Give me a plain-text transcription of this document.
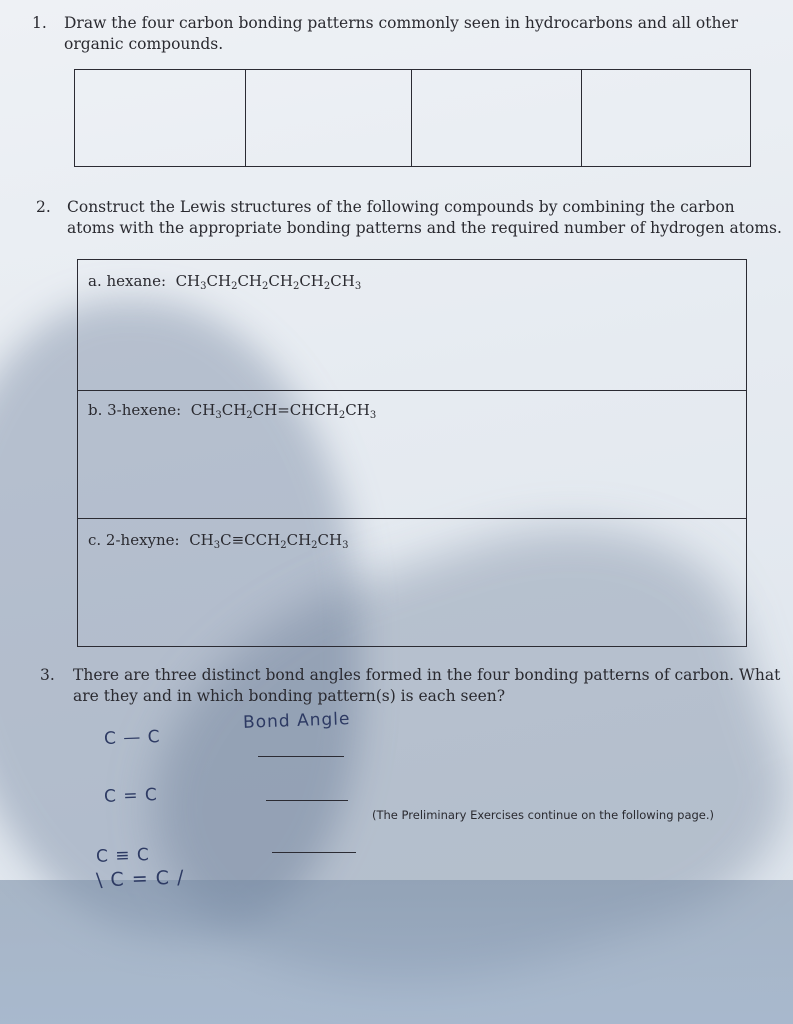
1. Draw the four carbon bonding patterns commonly seen in hydrocarbons and all other
organic compounds.
2. Construct the Lewis structures of the following compounds by combining the carbon
atoms with the appropriate bonding patterns and the required number of hydrogen atoms.
a. hexane: $CH_3CH_2CH_2CH_2CH_2CH_3$
b. 3-hexene: $CH_3CH_2CH=CHCH_2CH_3$
c. 2-hexyne: $CH_3C\equiv CCH_2CH_2CH_3$
3. There are three distinct bond angles formed in the four bonding patterns of carbon. What
are they and in which bonding pattern(s) is each seen?
Bond Angle
C — C
C = C
(The Preliminary Exercises continue on the following page.)
C ≡ C
\ C = C /
